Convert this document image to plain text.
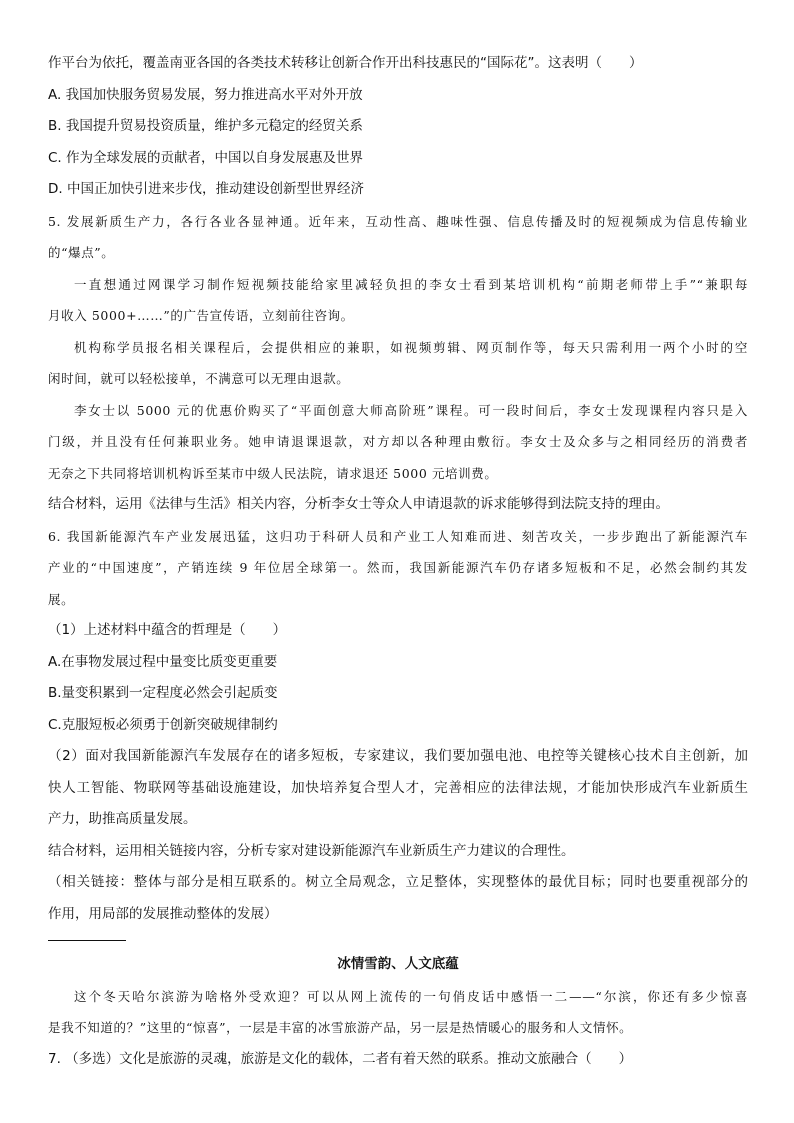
作平台为依托，覆盖南亚各国的各类技术转移让创新合作开出科技惠民的“国际花”。这表明（　　）
A. 我国加快服务贸易发展，努力推进高水平对外开放
B. 我国提升贸易投资质量，维护多元稳定的经贸关系
C. 作为全球发展的贡献者，中国以自身发展惠及世界
D. 中国正加快引进来步伐，推动建设创新型世界经济
5. 发展新质生产力，各行各业各显神通。近年来，互动性高、趣味性强、信息传播及时的短视频成为信息传输业
的“爆点”。
一直想通过网课学习制作短视频技能给家里减轻负担的李女士看到某培训机构“前期老师带上手”“兼职每
月收入 5000+……”的广告宣传语，立刻前往咨询。
机构称学员报名相关课程后，会提供相应的兼职，如视频剪辑、网页制作等，每天只需利用一两个小时的空
闲时间，就可以轻松接单，不满意可以无理由退款。
李女士以 5000 元的优惠价购买了“平面创意大师高阶班”课程。可一段时间后，李女士发现课程内容只是入
门级，并且没有任何兼职业务。她申请退课退款，对方却以各种理由敷衍。李女士及众多与之相同经历的消费者
无奈之下共同将培训机构诉至某市中级人民法院，请求退还 5000 元培训费。
结合材料，运用《法律与生活》相关内容，分析李女士等众人申请退款的诉求能够得到法院支持的理由。
6. 我国新能源汽车产业发展迅猛，这归功于科研人员和产业工人知难而进、刻苦攻关，一步步跑出了新能源汽车
产业的“中国速度”，产销连续 9 年位居全球第一。然而，我国新能源汽车仍存诸多短板和不足，必然会制约其发
展。
（1）上述材料中蕴含的哲理是（　　）
A.在事物发展过程中量变比质变更重要
B.量变积累到一定程度必然会引起质变
C.克服短板必须勇于创新突破规律制约
（2）面对我国新能源汽车发展存在的诸多短板，专家建议，我们要加强电池、电控等关键核心技术自主创新，加
快人工智能、物联网等基础设施建设，加快培养复合型人才，完善相应的法律法规，才能加快形成汽车业新质生
产力，助推高质量发展。
结合材料，运用相关链接内容，分析专家对建设新能源汽车业新质生产力建议的合理性。
（相关链接：整体与部分是相互联系的。树立全局观念，立足整体，实现整体的最优目标；同时也要重视部分的
作用，用局部的发展推动整体的发展）
冰情雪韵、人文底蕴
这个冬天哈尔滨游为啥格外受欢迎？可以从网上流传的一句俏皮话中感悟一二——“尔滨，你还有多少惊喜
是我不知道的？”这里的“惊喜”，一层是丰富的冰雪旅游产品，另一层是热情暖心的服务和人文情怀。
7. （多选）文化是旅游的灵魂，旅游是文化的载体，二者有着天然的联系。推动文旅融合（　　）
